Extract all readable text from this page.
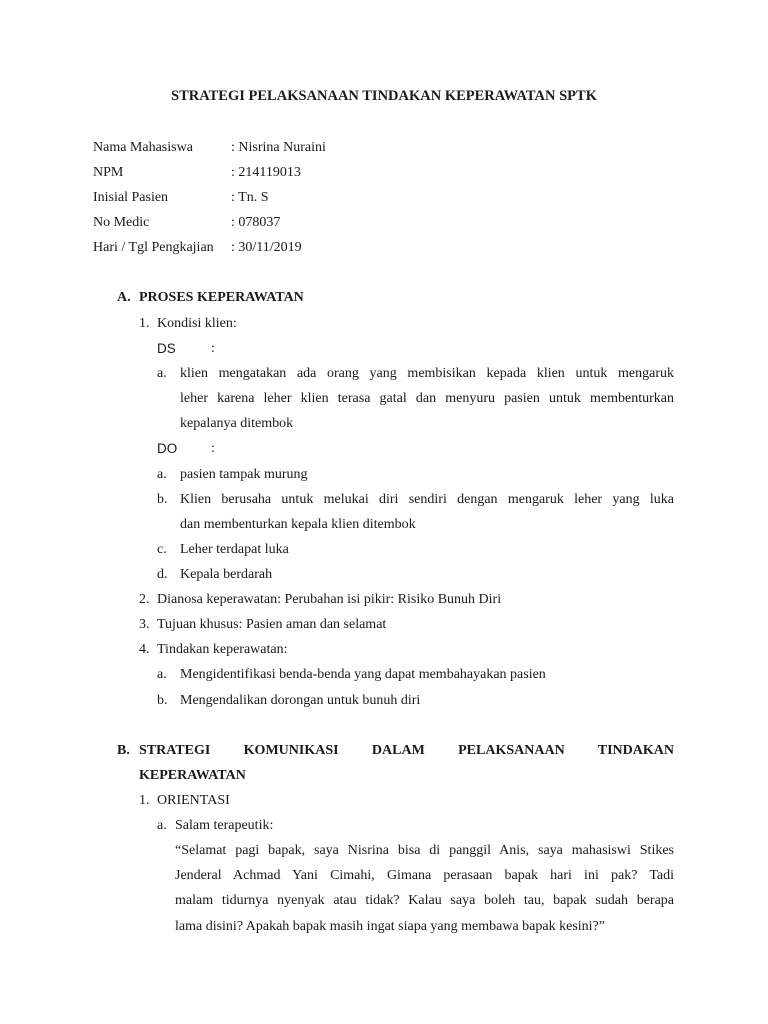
STRATEGI PELAKSANAAN TINDAKAN KEPERAWATAN SPTK
Nama Mahasiswa	: Nisrina Nuraini
NPM	: 214119013
Inisial Pasien	: Tn. S
No Medic	: 078037
Hari / Tgl Pengkajian : 30/11/2019
A. PROSES KEPERAWATAN
1. Kondisi klien:
DS	:
a. klien mengatakan ada orang yang membisikan kepada klien untuk mengaruk
leher karena leher klien terasa gatal dan menyuru pasien untuk membenturkan
kepalanya ditembok
DO :
a. pasien tampak murung
b. Klien berusaha untuk melukai diri sendiri dengan mengaruk leher yang luka
dan membenturkan kepala klien ditembok
c. Leher terdapat luka
d. Kepala berdarah
2. Dianosa keperawatan: Perubahan isi pikir: Risiko Bunuh Diri
3. Tujuan khusus: Pasien aman dan selamat
4. Tindakan keperawatan:
a. Mengidentifikasi benda-benda yang dapat membahayakan pasien
b. Mengendalikan dorongan untuk bunuh diri
B. STRATEGI KOMUNIKASI DALAM PELAKSANAAN TINDAKAN
KEPERAWATAN
1. ORIENTASI
a. Salam terapeutik:
“Selamat pagi bapak, saya Nisrina bisa di panggil Anis, saya mahasiswi Stikes
Jenderal Achmad Yani Cimahi, Gimana perasaan bapak hari ini pak? Tadi
malam tidurnya nyenyak atau tidak? Kalau saya boleh tau, bapak sudah berapa
lama disini? Apakah bapak masih ingat siapa yang membawa bapak kesini?”
